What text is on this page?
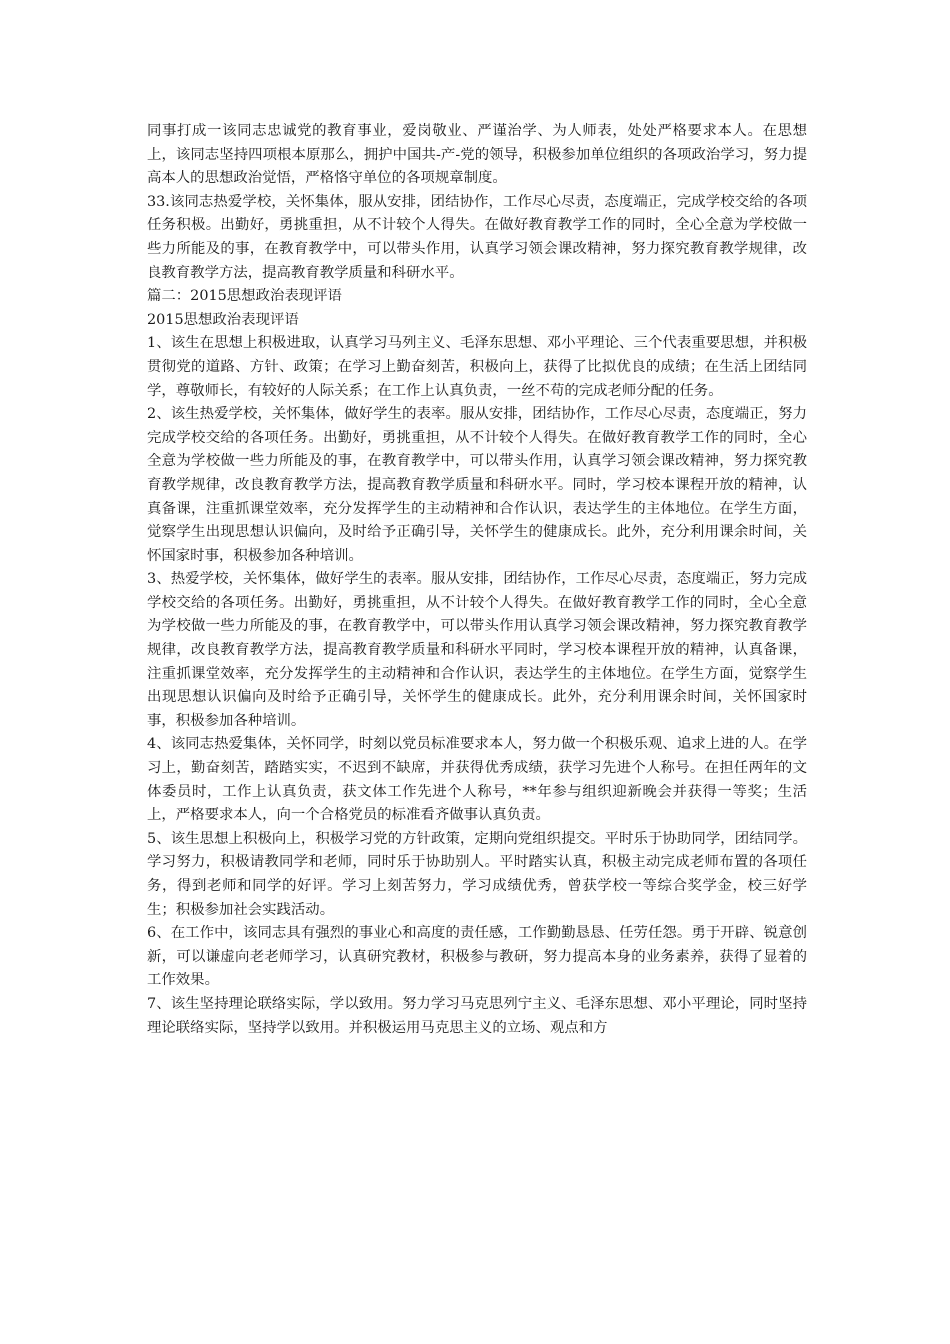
同事打成一该同志忠诚党的教育事业，爱岗敬业、严谨治学、为人师表，处处严格要求本人。在思想上，该同志坚持四项根本原那么，拥护中国共-产-党的领导，积极参加单位组织的各项政治学习，努力提高本人的思想政治觉悟，严格恪守单位的各项规章制度。

33.该同志热爱学校，关怀集体，服从安排，团结协作，工作尽心尽责，态度端正，完成学校交给的各项任务积极。出勤好，勇挑重担，从不计较个人得失。在做好教育教学工作的同时，全心全意为学校做一些力所能及的事，在教育教学中，可以带头作用，认真学习领会课改精神，努力探究教育教学规律，改良教育教学方法，提高教育教学质量和科研水平。

篇二：2015思想政治表现评语

2015思想政治表现评语

1、该生在思想上积极进取，认真学习马列主义、毛泽东思想、邓小平理论、三个代表重要思想，并积极贯彻党的道路、方针、政策；在学习上勤奋刻苦，积极向上，获得了比拟优良的成绩；在生活上团结同学，尊敬师长，有较好的人际关系；在工作上认真负责，一丝不苟的完成老师分配的任务。

2、该生热爱学校，关怀集体，做好学生的表率。服从安排，团结协作，工作尽心尽责，态度端正，努力完成学校交给的各项任务。出勤好，勇挑重担，从不计较个人得失。在做好教育教学工作的同时，全心全意为学校做一些力所能及的事，在教育教学中，可以带头作用，认真学习领会课改精神，努力探究教育教学规律，改良教育教学方法，提高教育教学质量和科研水平。同时，学习校本课程开放的精神，认真备课，注重抓课堂效率，充分发挥学生的主动精神和合作认识，表达学生的主体地位。在学生方面，觉察学生出现思想认识偏向，及时给予正确引导，关怀学生的健康成长。此外，充分利用课余时间，关怀国家时事，积极参加各种培训。

3、热爱学校，关怀集体，做好学生的表率。服从安排，团结协作，工作尽心尽责，态度端正，努力完成学校交给的各项任务。出勤好，勇挑重担，从不计较个人得失。在做好教育教学工作的同时，全心全意为学校做一些力所能及的事，在教育教学中，可以带头作用认真学习领会课改精神，努力探究教育教学规律，改良教育教学方法，提高教育教学质量和科研水平同时，学习校本课程开放的精神，认真备课，注重抓课堂效率，充分发挥学生的主动精神和合作认识，表达学生的主体地位。在学生方面，觉察学生出现思想认识偏向及时给予正确引导，关怀学生的健康成长。此外，充分利用课余时间，关怀国家时事，积极参加各种培训。

4、该同志热爱集体，关怀同学，时刻以党员标准要求本人，努力做一个积极乐观、追求上进的人。在学习上，勤奋刻苦，踏踏实实，不迟到不缺席，并获得优秀成绩，获学习先进个人称号。在担任两年的文体委员时，工作上认真负责，获文体工作先进个人称号，**年参与组织迎新晚会并获得一等奖；生活上，严格要求本人，向一个合格党员的标准看齐做事认真负责。

5、该生思想上积极向上，积极学习党的方针政策，定期向党组织提交。平时乐于协助同学，团结同学。学习努力，积极请教同学和老师，同时乐于协助别人。平时踏实认真，积极主动完成老师布置的各项任务，得到老师和同学的好评。学习上刻苦努力，学习成绩优秀，曾获学校一等综合奖学金，校三好学生；积极参加社会实践活动。

6、在工作中，该同志具有强烈的事业心和高度的责任感，工作勤勤恳恳、任劳任怨。勇于开辟、锐意创新，可以谦虚向老老师学习，认真研究教材，积极参与教研，努力提高本身的业务素养，获得了显着的工作效果。

7、该生坚持理论联络实际，学以致用。努力学习马克思列宁主义、毛泽东思想、邓小平理论，同时坚持理论联络实际，坚持学以致用。并积极运用马克思主义的立场、观点和方
